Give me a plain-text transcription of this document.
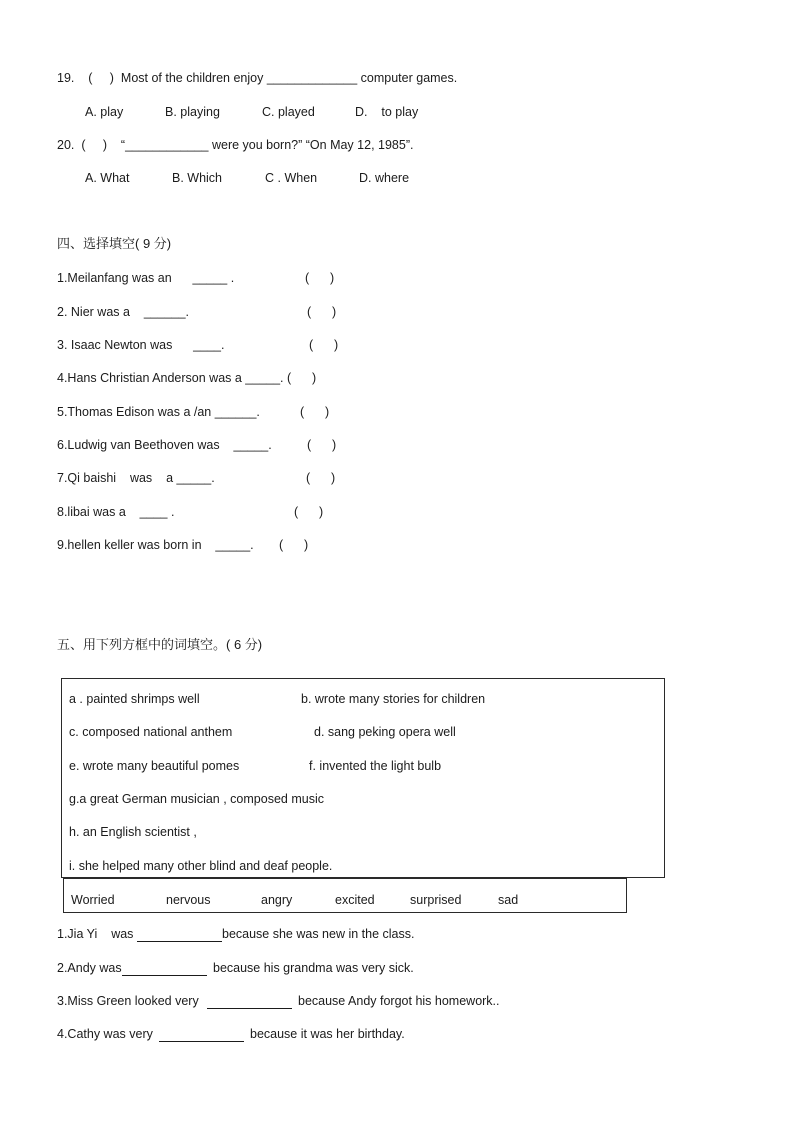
19.    (     )  Most of the children enjoy _____________ computer games.
A. play	B. playing	C. played	D.    to play
20.  (     )    “____________ were you born?” “On May 12, 1985”.
A. What	B. Which	C . When	D. where
四、选择填空( 9 分)
1.Meilanfang was an      _____ .	(      )
2. Nier was a    ______.	(      )
3. Isaac Newton was      ____.	(      )
4.Hans Christian Anderson was a _____. (      )
5.Thomas Edison was a /an ______.	(      )
6.Ludwig van Beethoven was    _____.	(      )
7.Qi baishi    was    a _____.	(      )
8.libai was a    ____ .	(      )
9.hellen keller was born in    _____. (      )
五、用下列方框中的词填空。( 6 分)
a . painted shrimps well	b. wrote many stories for children
c. composed national anthem	d. sang peking opera well
e. wrote many beautiful pomes	f. invented the light bulb
g.a great German musician , composed music
h. an English scientist ,
i. she helped many other blind and deaf people.
Worried	nervous	angry	excited	surprised	sad
1.Jia Yi    was	because she was new in the class.
2.Andy was	because his grandma was very sick.
3.Miss Green looked very	because Andy forgot his homework..
4.Cathy was very	because it was her birthday.
